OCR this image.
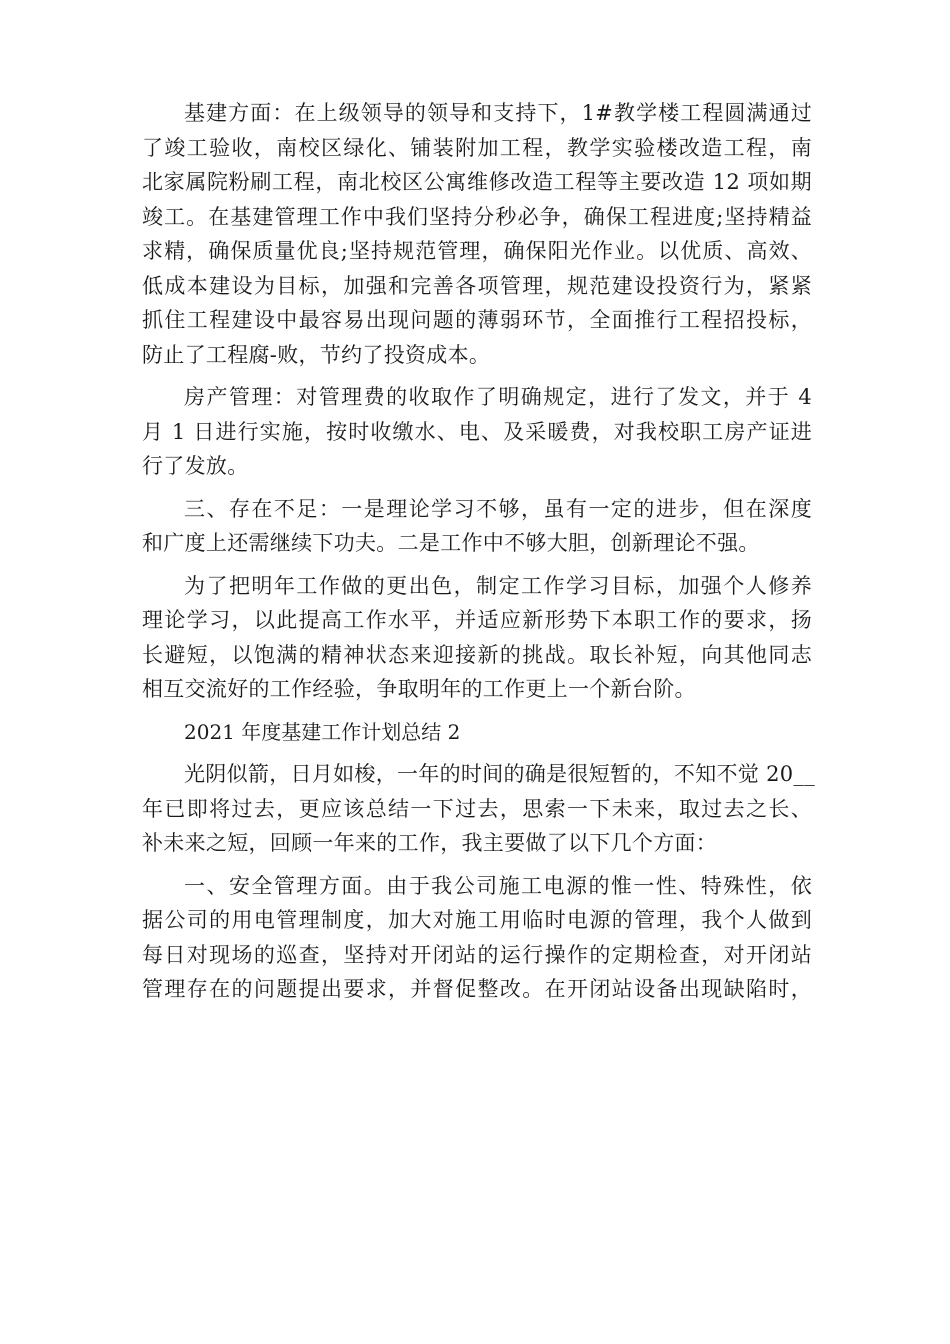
基建方面：在上级领导的领导和支持下，1#教学楼工程圆满通过
了竣工验收，南校区绿化、铺装附加工程，教学实验楼改造工程，南
北家属院粉刷工程，南北校区公寓维修改造工程等主要改造 12 项如期
竣工。在基建管理工作中我们坚持分秒必争，确保工程进度;坚持精益
求精，确保质量优良;坚持规范管理，确保阳光作业。以优质、高效、
低成本建设为目标，加强和完善各项管理，规范建设投资行为，紧紧
抓住工程建设中最容易出现问题的薄弱环节，全面推行工程招投标，
防止了工程腐-败，节约了投资成本。

房产管理：对管理费的收取作了明确规定，进行了发文，并于 4
月 1 日进行实施，按时收缴水、电、及采暖费，对我校职工房产证进
行了发放。

三、存在不足：一是理论学习不够，虽有一定的进步，但在深度
和广度上还需继续下功夫。二是工作中不够大胆，创新理论不强。

为了把明年工作做的更出色，制定工作学习目标，加强个人修养
理论学习，以此提高工作水平，并适应新形势下本职工作的要求，扬
长避短，以饱满的精神状态来迎接新的挑战。取长补短，向其他同志
相互交流好的工作经验，争取明年的工作更上一个新台阶。

2021 年度基建工作计划总结 2

光阴似箭，日月如梭，一年的时间的确是很短暂的，不知不觉 20__
年已即将过去，更应该总结一下过去，思索一下未来，取过去之长、
补未来之短，回顾一年来的工作，我主要做了以下几个方面：

一、安全管理方面。由于我公司施工电源的惟一性、特殊性，依
据公司的用电管理制度，加大对施工用临时电源的管理，我个人做到
每日对现场的巡查，坚持对开闭站的运行操作的定期检查，对开闭站
管理存在的问题提出要求，并督促整改。在开闭站设备出现缺陷时，
